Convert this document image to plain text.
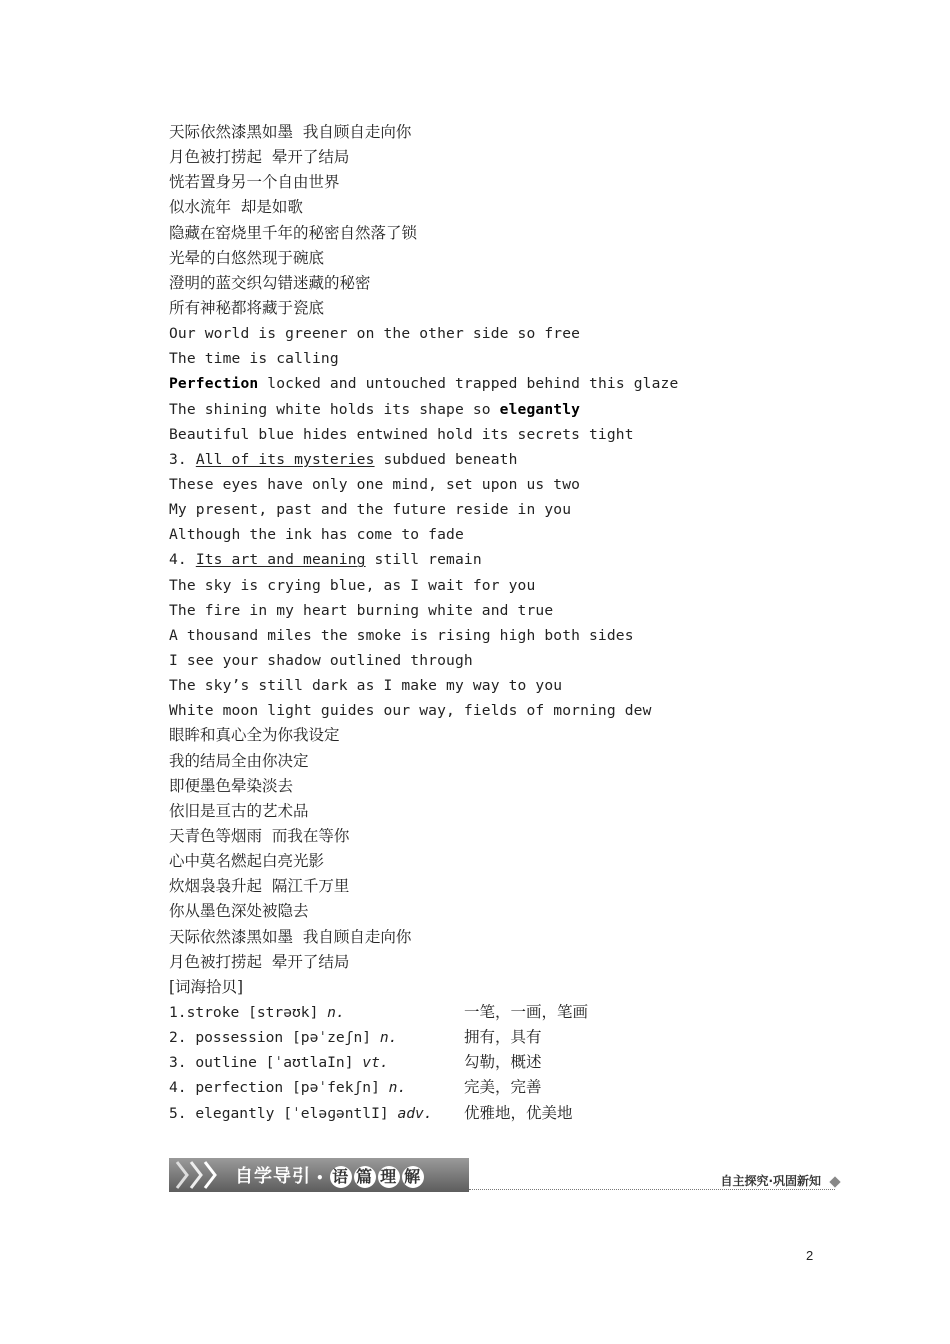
天际依然漆黑如墨  我自顾自走向你
月色被打捞起  晕开了结局
恍若置身另一个自由世界
似水流年  却是如歌
隐藏在窑烧里千年的秘密自然落了锁
光晕的白悠然现于碗底
澄明的蓝交织勾错迷藏的秘密
所有神秘都将藏于瓷底
Our world is greener on the other side so free
The time is calling
Perfection locked and untouched trapped behind this glaze
The shining white holds its shape so elegantly
Beautiful blue hides entwined hold its secrets tight
3. All of its mysteries subdued beneath
These eyes have only one mind, set upon us two
My present, past and the future reside in you
Although the ink has come to fade
4. Its art and meaning still remain
The sky is crying blue, as I wait for you
The fire in my heart burning white and true
A thousand miles the smoke is rising high both sides
I see your shadow outlined through
The sky’s still dark as I make my way to you
White moon light guides our way, fields of morning dew
眼眸和真心全为你我设定
我的结局全由你决定
即便墨色晕染淡去
依旧是亘古的艺术品
天青色等烟雨  而我在等你
心中莫名燃起白亮光影
炊烟袅袅升起  隔江千万里
你从墨色深处被隐去
天际依然漆黑如墨  我自顾自走向你
月色被打捞起  晕开了结局
[词海拾贝]
1.stroke [strəʊk] n.	一笔，一画，笔画
2. possession [pəˈzeʃn] n.	拥有，具有
3. outline [ˈaʊtlaIn] vt.	勾勒，概述
4. perfection [pəˈfekʃn] n.	完美，完善
5. elegantly [ˈeləɡəntlI] adv. 优雅地，优美地
自学导引 • 语 篇 理 解	自主探究·巩固新知
2
